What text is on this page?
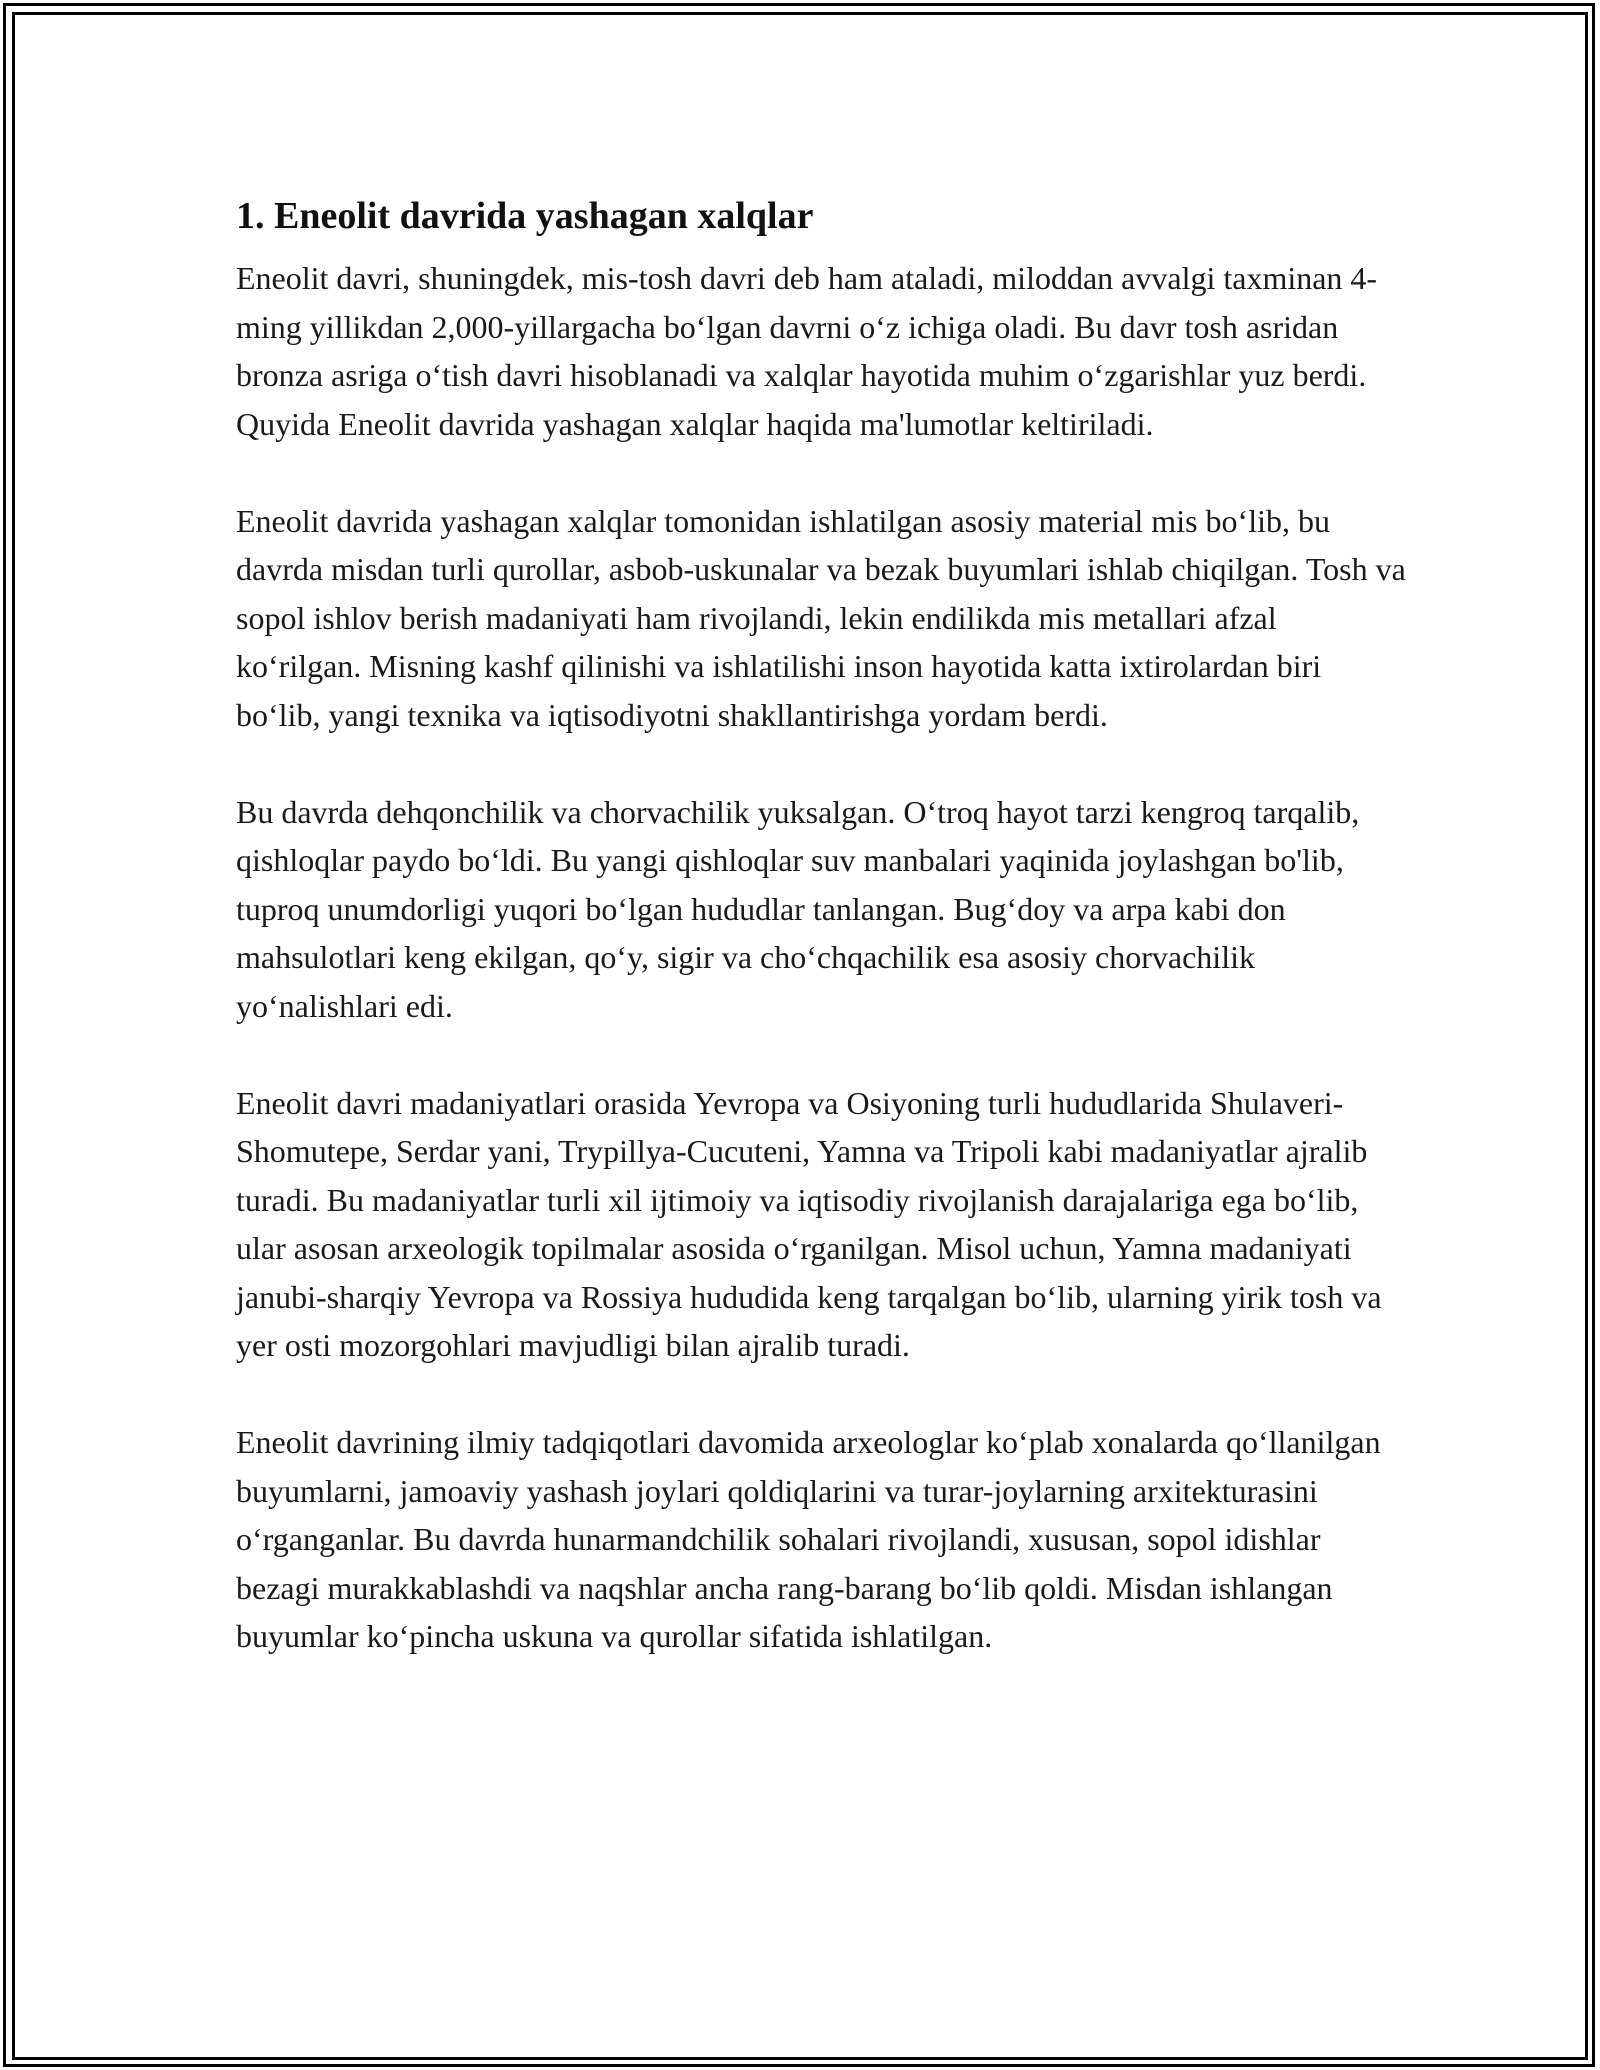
1. Eneolit davrida yashagan xalqlar

Eneolit davri, shuningdek, mis-tosh davri deb ham ataladi, miloddan avvalgi taxminan 4-ming yillikdan 2,000-yillargacha bo‘lgan davrni o‘z ichiga oladi. Bu davr tosh asridan bronza asriga o‘tish davri hisoblanadi va xalqlar hayotida muhim o‘zgarishlar yuz berdi. Quyida Eneolit davrida yashagan xalqlar haqida ma'lumotlar keltiriladi.

Eneolit davrida yashagan xalqlar tomonidan ishlatilgan asosiy material mis bo‘lib, bu davrda misdan turli qurollar, asbob-uskunalar va bezak buyumlari ishlab chiqilgan. Tosh va sopol ishlov berish madaniyati ham rivojlandi, lekin endilikda mis metallari afzal ko‘rilgan. Misning kashf qilinishi va ishlatilishi inson hayotida katta ixtirolardan biri bo‘lib, yangi texnika va iqtisodiyotni shakllantirishga yordam berdi.

Bu davrda dehqonchilik va chorvachilik yuksalgan. O‘troq hayot tarzi kengroq tarqalib, qishloqlar paydo bo‘ldi. Bu yangi qishloqlar suv manbalari yaqinida joylashgan bo'lib, tuproq unumdorligi yuqori bo‘lgan hududlar tanlangan. Bug‘doy va arpa kabi don mahsulotlari keng ekilgan, qo‘y, sigir va cho‘chqachilik esa asosiy chorvachilik yo‘nalishlari edi.

Eneolit davri madaniyatlari orasida Yevropa va Osiyoning turli hududlarida Shulaveri-Shomutepe, Serdar yani, Trypillya-Cucuteni, Yamna va Tripoli kabi madaniyatlar ajralib turadi. Bu madaniyatlar turli xil ijtimoiy va iqtisodiy rivojlanish darajalariga ega bo‘lib, ular asosan arxeologik topilmalar asosida o‘rganilgan. Misol uchun, Yamna madaniyati janubi-sharqiy Yevropa va Rossiya hududida keng tarqalgan bo‘lib, ularning yirik tosh va yer osti mozorgohlari mavjudligi bilan ajralib turadi.

Eneolit davrining ilmiy tadqiqotlari davomida arxeologlar ko‘plab xonalarda qo‘llanilgan buyumlarni, jamoaviy yashash joylari qoldiqlarini va turar-joylarning arxitekturasini o‘rganganlar. Bu davrda hunarmandchilik sohalari rivojlandi, xususan, sopol idishlar bezagi murakkablashdi va naqshlar ancha rang-barang bo‘lib qoldi. Misdan ishlangan buyumlar ko‘pincha uskuna va qurollar sifatida ishlatilgan.
